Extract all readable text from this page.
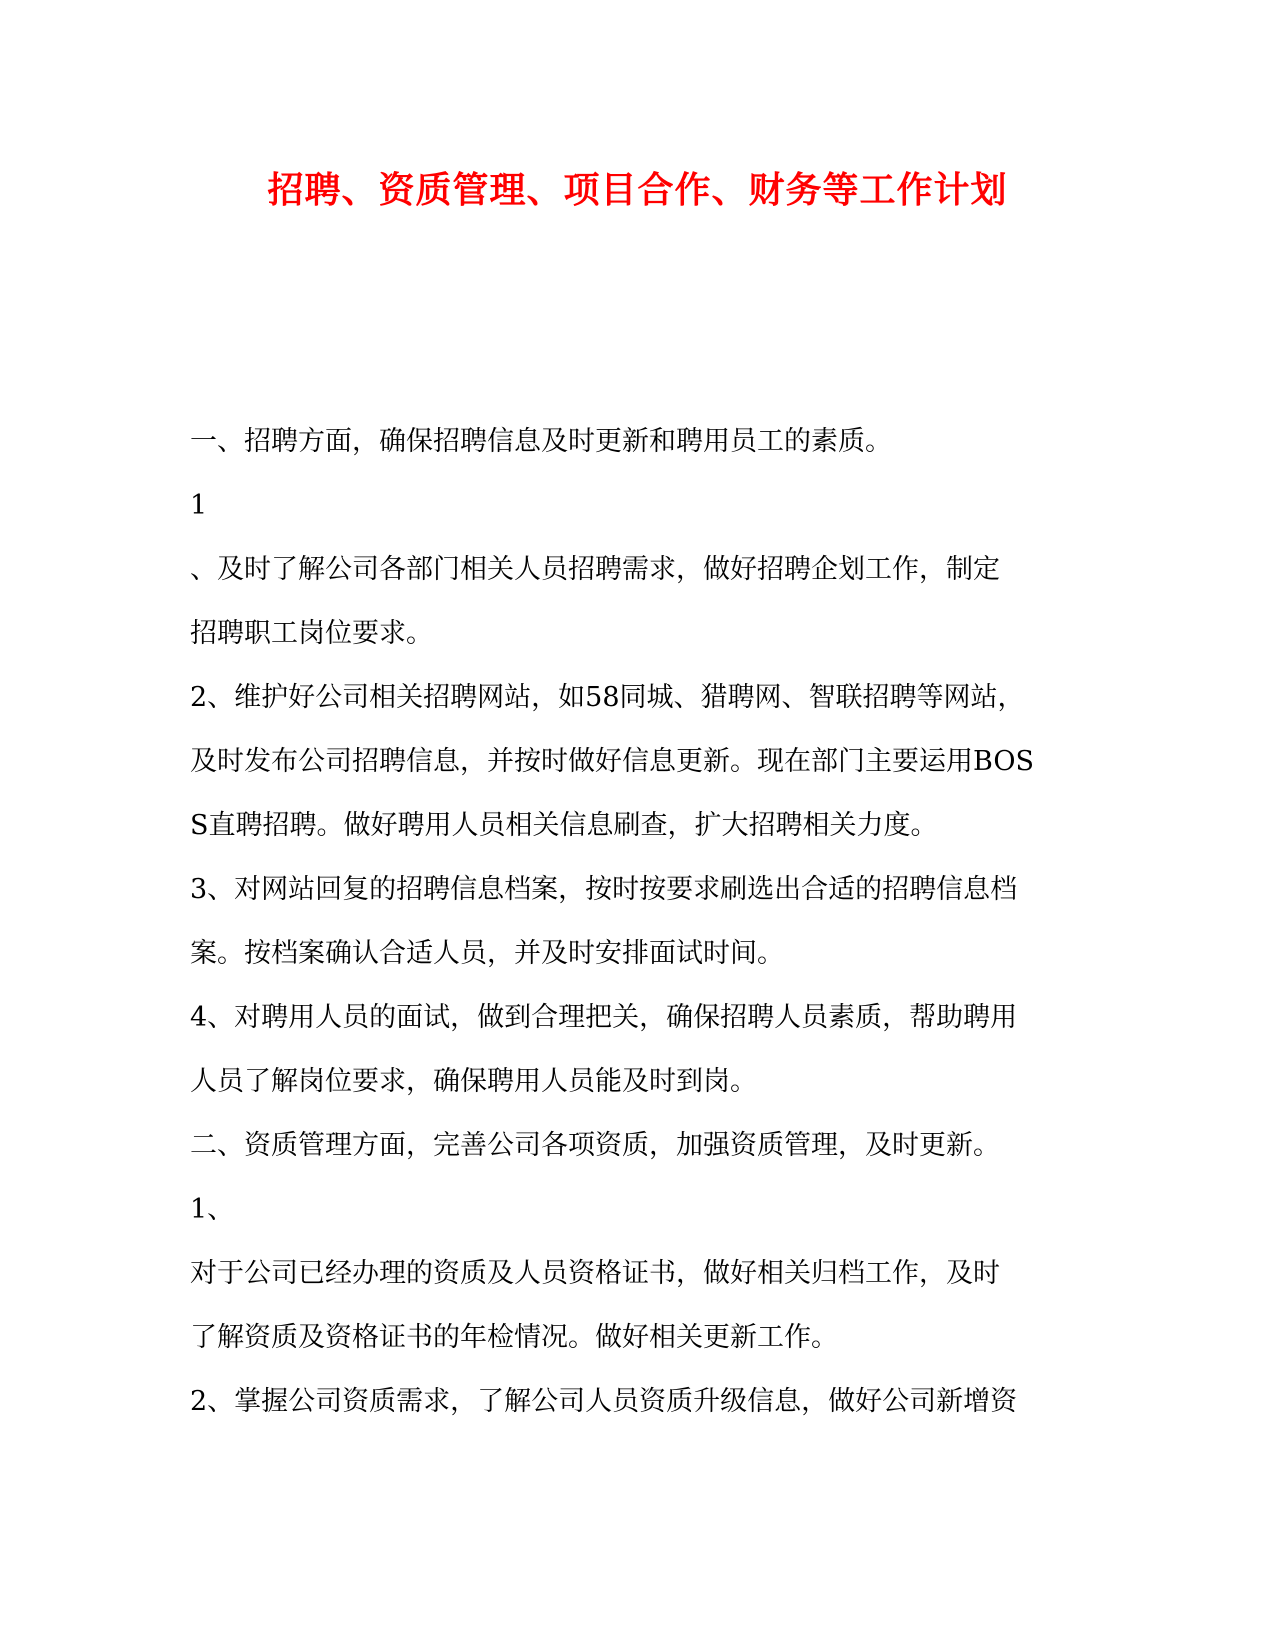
招聘、资质管理、项目合作、财务等工作计划

一、招聘方面，确保招聘信息及时更新和聘用员工的素质。

1

、及时了解公司各部门相关人员招聘需求，做好招聘企划工作，制定

招聘职工岗位要求。

2、维护好公司相关招聘网站，如58同城、猎聘网、智联招聘等网站，

及时发布公司招聘信息，并按时做好信息更新。现在部门主要运用BOS

S直聘招聘。做好聘用人员相关信息刷查，扩大招聘相关力度。

3、对网站回复的招聘信息档案，按时按要求刷选出合适的招聘信息档

案。按档案确认合适人员，并及时安排面试时间。

4、对聘用人员的面试，做到合理把关，确保招聘人员素质，帮助聘用

人员了解岗位要求，确保聘用人员能及时到岗。

二、资质管理方面，完善公司各项资质，加强资质管理，及时更新。

1、

对于公司已经办理的资质及人员资格证书，做好相关归档工作，及时

了解资质及资格证书的年检情况。做好相关更新工作。

2、掌握公司资质需求，了解公司人员资质升级信息，做好公司新增资
